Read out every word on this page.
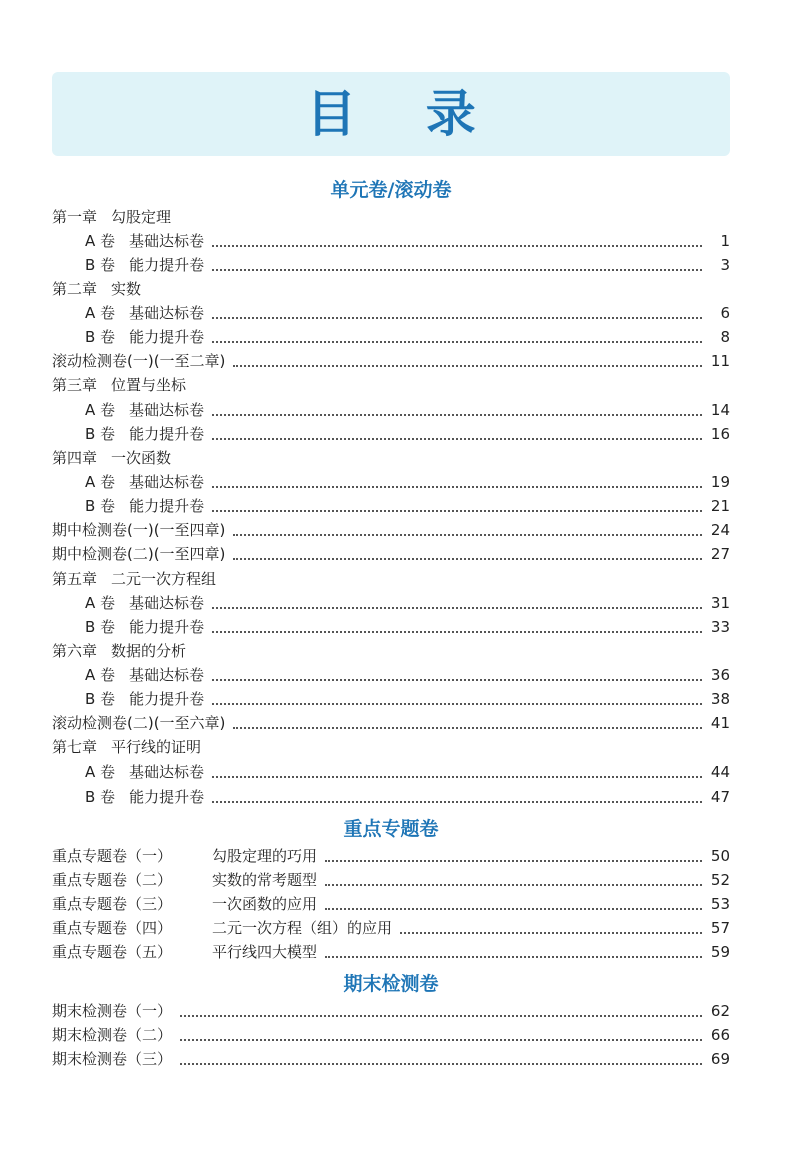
目 录
单元卷/滚动卷
第一章 勾股定理
A 卷 基础达标卷	1
B 卷 能力提升卷	3
第二章 实数
A 卷 基础达标卷	6
B 卷 能力提升卷	8
滚动检测卷(一)(一至二章)	11
第三章 位置与坐标
A 卷 基础达标卷	14
B 卷 能力提升卷	16
第四章 一次函数
A 卷 基础达标卷	19
B 卷 能力提升卷	21
期中检测卷(一)(一至四章)	24
期中检测卷(二)(一至四章)	27
第五章 二元一次方程组
A 卷 基础达标卷	31
B 卷 能力提升卷	33
第六章 数据的分析
A 卷 基础达标卷	36
B 卷 能力提升卷	38
滚动检测卷(二)(一至六章)	41
第七章 平行线的证明
A 卷 基础达标卷	44
B 卷 能力提升卷	47
重点专题卷
重点专题卷（一）	勾股定理的巧用	50
重点专题卷（二）	实数的常考题型	52
重点专题卷（三）	一次函数的应用	53
重点专题卷（四）	二元一次方程（组）的应用	57
重点专题卷（五）	平行线四大模型	59
期末检测卷
期末检测卷（一）	62
期末检测卷（二）	66
期末检测卷（三）	69
